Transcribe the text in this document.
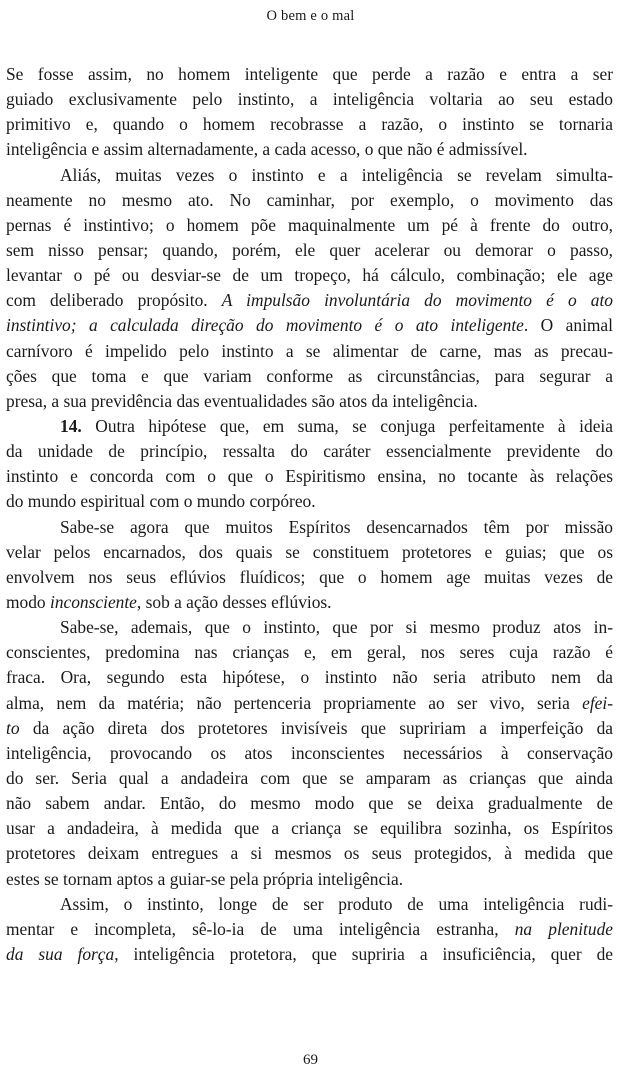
O bem e o mal
Se fosse assim, no homem inteligente que perde a razão e entra a ser
guiado exclusivamente pelo instinto, a inteligência voltaria ao seu estado
primitivo e, quando o homem recobrasse a razão, o instinto se tornaria
inteligência e assim alternadamente, a cada acesso, o que não é admissível.
Aliás, muitas vezes o instinto e a inteligência se revelam simulta-
neamente no mesmo ato. No caminhar, por exemplo, o movimento das
pernas é instintivo; o homem põe maquinalmente um pé à frente do outro,
sem nisso pensar; quando, porém, ele quer acelerar ou demorar o passo,
levantar o pé ou desviar-se de um tropeço, há cálculo, combinação; ele age
com deliberado propósito. A impulsão involuntária do movimento é o ato
instintivo; a calculada direção do movimento é o ato inteligente. O animal
carnívoro é impelido pelo instinto a se alimentar de carne, mas as precau-
ções que toma e que variam conforme as circunstâncias, para segurar a
presa, a sua previdência das eventualidades são atos da inteligência.
14. Outra hipótese que, em suma, se conjuga perfeitamente à ideia
da unidade de princípio, ressalta do caráter essencialmente previdente do
instinto e concorda com o que o Espiritismo ensina, no tocante às relações
do mundo espiritual com o mundo corpóreo.
Sabe-se agora que muitos Espíritos desencarnados têm por missão
velar pelos encarnados, dos quais se constituem protetores e guias; que os
envolvem nos seus eflúvios fluídicos; que o homem age muitas vezes de
modo inconsciente, sob a ação desses eflúvios.
Sabe-se, ademais, que o instinto, que por si mesmo produz atos in-
conscientes, predomina nas crianças e, em geral, nos seres cuja razão é
fraca. Ora, segundo esta hipótese, o instinto não seria atributo nem da
alma, nem da matéria; não pertenceria propriamente ao ser vivo, seria efei-
to da ação direta dos protetores invisíveis que supririam a imperfeição da
inteligência, provocando os atos inconscientes necessários à conservação
do ser. Seria qual a andadeira com que se amparam as crianças que ainda
não sabem andar. Então, do mesmo modo que se deixa gradualmente de
usar a andadeira, à medida que a criança se equilibra sozinha, os Espíritos
protetores deixam entregues a si mesmos os seus protegidos, à medida que
estes se tornam aptos a guiar-se pela própria inteligência.
Assim, o instinto, longe de ser produto de uma inteligência rudi-
mentar e incompleta, sê-lo-ia de uma inteligência estranha, na plenitude
da sua força, inteligência protetora, que supriria a insuficiência, quer de
69
